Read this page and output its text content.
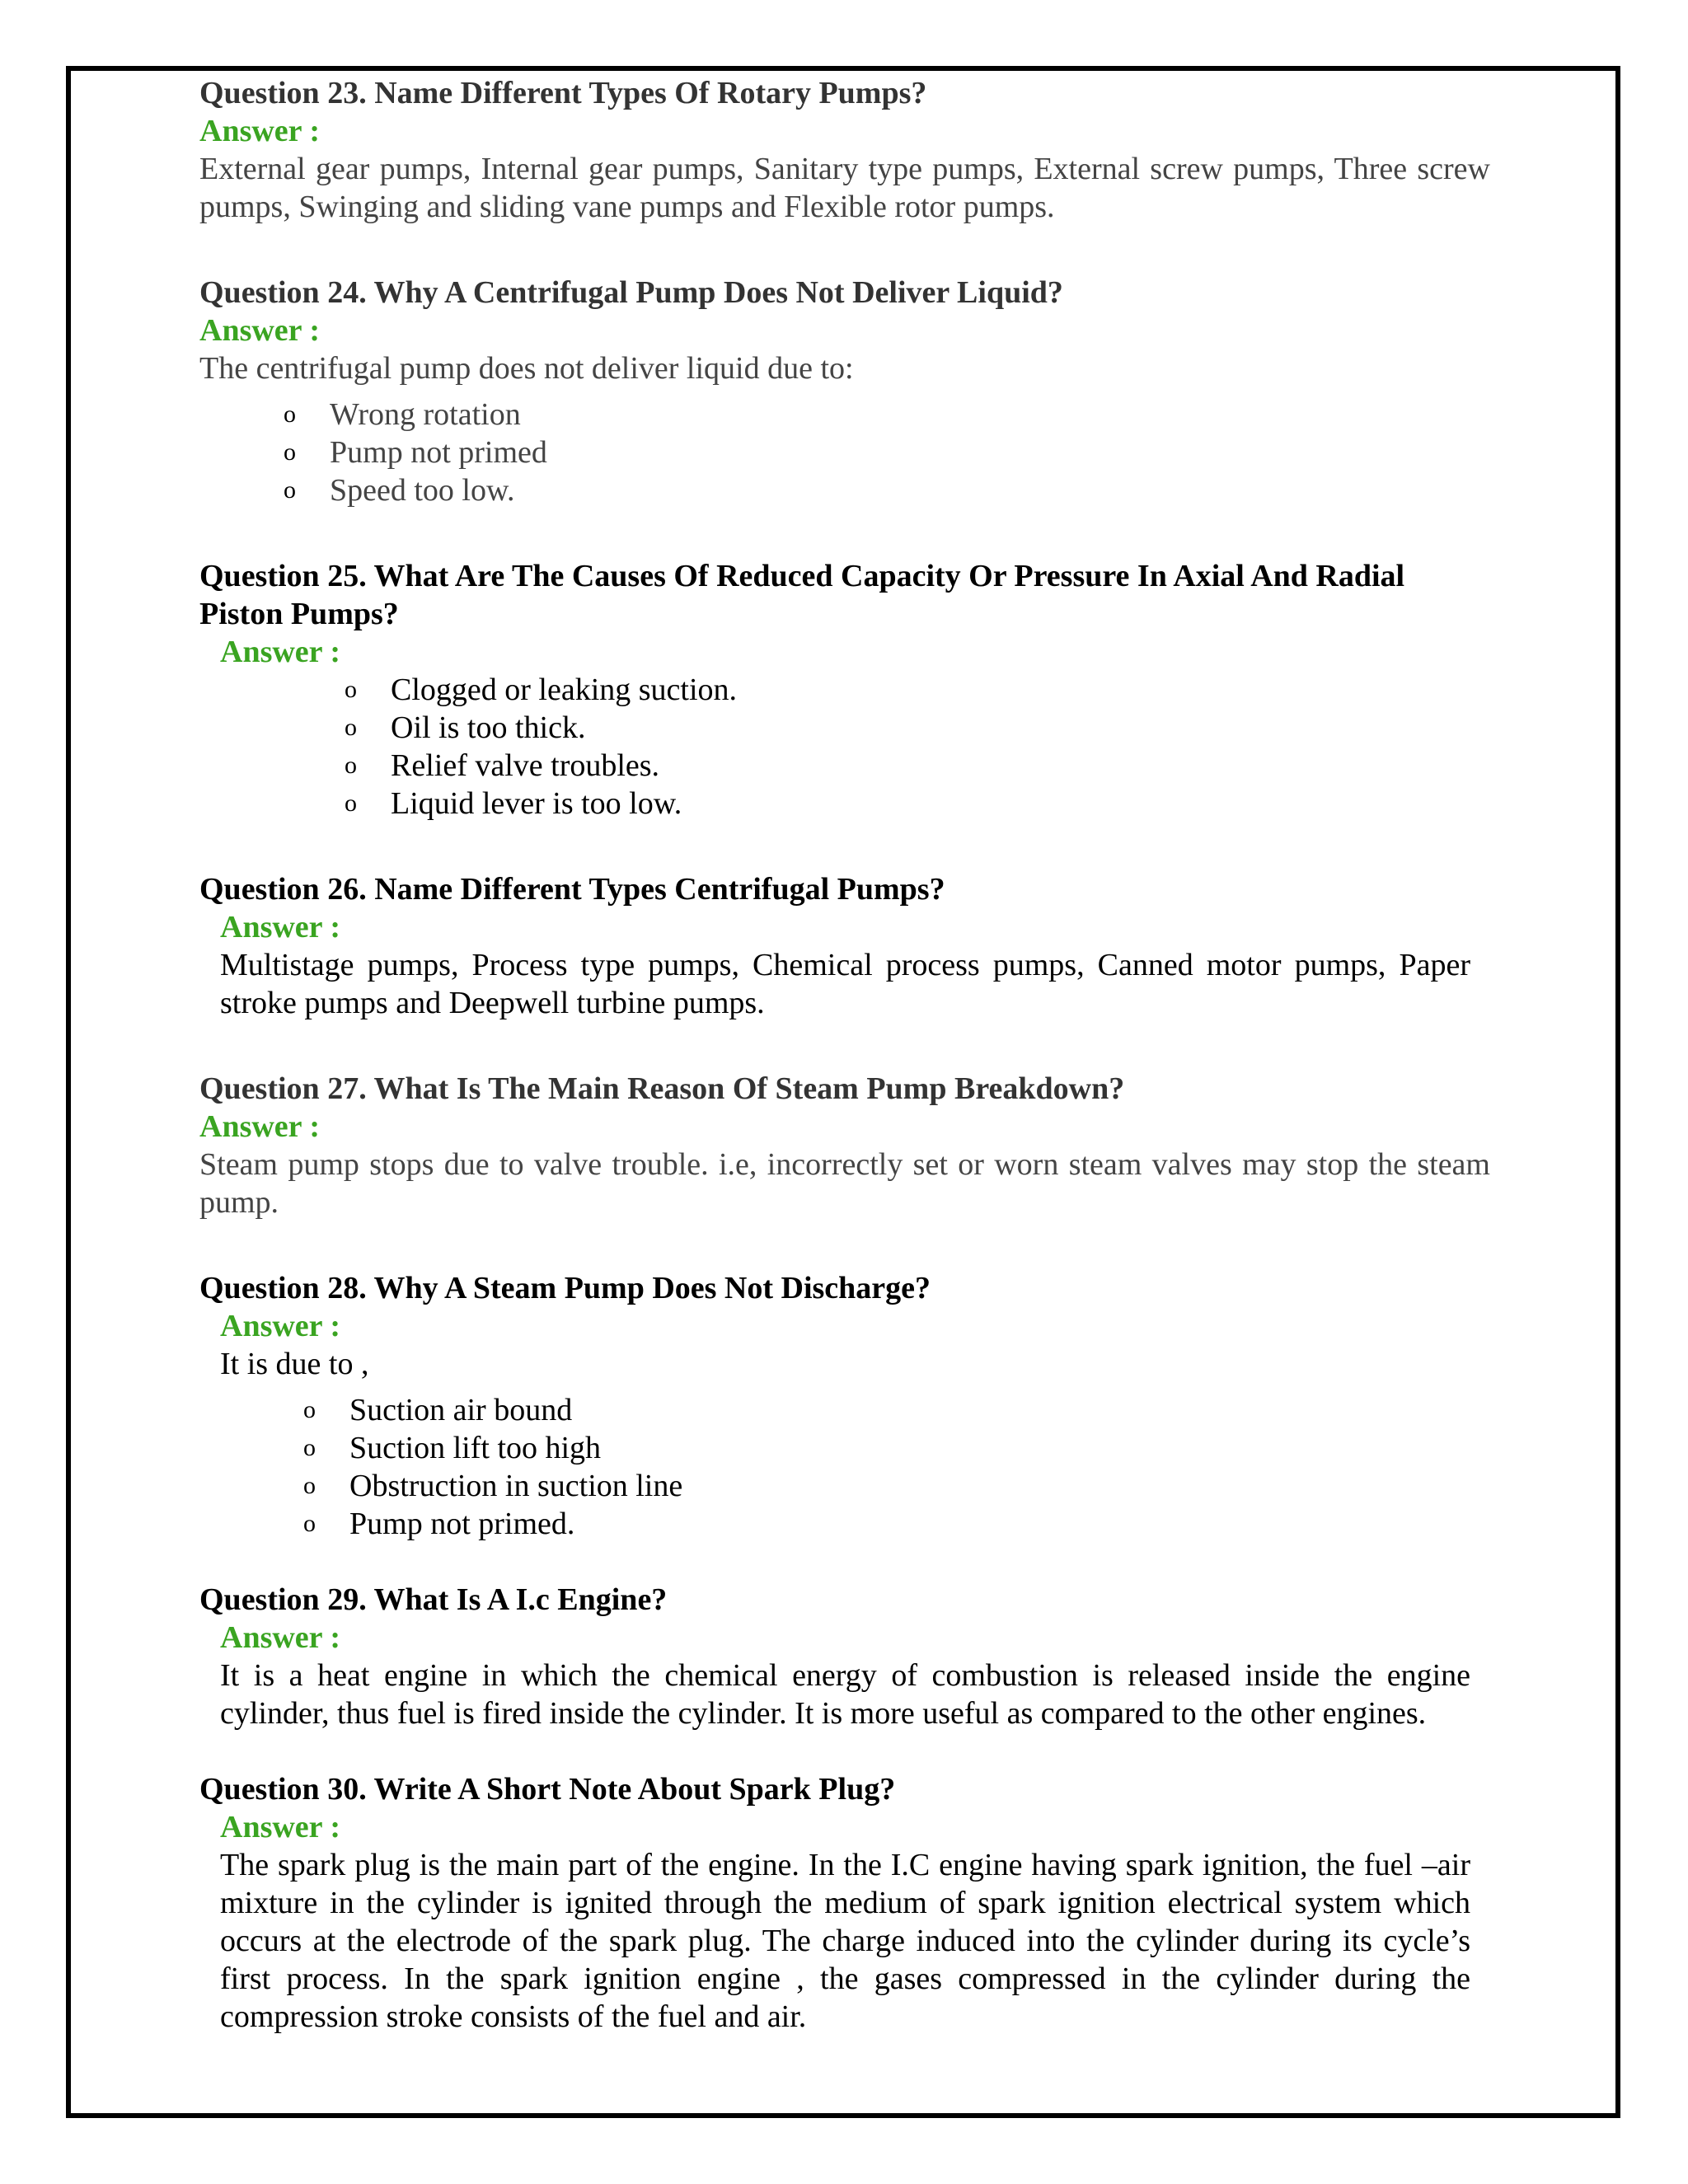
Question 23. Name Different Types Of Rotary Pumps?

Answer :

External gear pumps, Internal gear pumps, Sanitary type pumps, External screw pumps, Three screw pumps, Swinging and sliding vane pumps and Flexible rotor pumps.

Question 24. Why A Centrifugal Pump Does Not Deliver Liquid?

Answer :

The centrifugal pump does not deliver liquid due to:

o	Wrong rotation
o	Pump not primed
o	Speed too low.

Question 25. What Are The Causes Of Reduced Capacity Or Pressure In Axial And Radial Piston Pumps?

Answer :

o	Clogged or leaking suction.
o	Oil is too thick.
o	Relief valve troubles.
o	Liquid lever is too low.

Question 26. Name Different Types Centrifugal Pumps?

Answer :

Multistage pumps, Process type pumps, Chemical process pumps, Canned motor pumps, Paper stroke pumps and Deepwell turbine pumps.

Question 27. What Is The Main Reason Of Steam Pump Breakdown?

Answer :

Steam pump stops due to valve trouble. i.e, incorrectly set or worn steam valves may stop the steam pump.

Question 28. Why A Steam Pump Does Not Discharge?

Answer :

It is due to ,

o	Suction air bound
o	Suction lift too high
o	Obstruction in suction line
o	Pump not primed.

Question 29. What Is A I.c Engine?

Answer :

It is a heat engine in which the chemical energy of combustion is released inside the engine cylinder, thus fuel is fired inside the cylinder. It is more useful as compared to the other engines.

Question 30. Write A Short Note About Spark Plug?

Answer :

The spark plug is the main part of the engine. In the I.C engine having spark ignition, the fuel –air mixture in the cylinder is ignited through the medium of spark ignition electrical system which occurs at the electrode of the spark plug. The charge induced into the cylinder during its cycle’s first process. In the spark ignition engine , the gases compressed in the cylinder during the compression stroke consists of the fuel and air.
